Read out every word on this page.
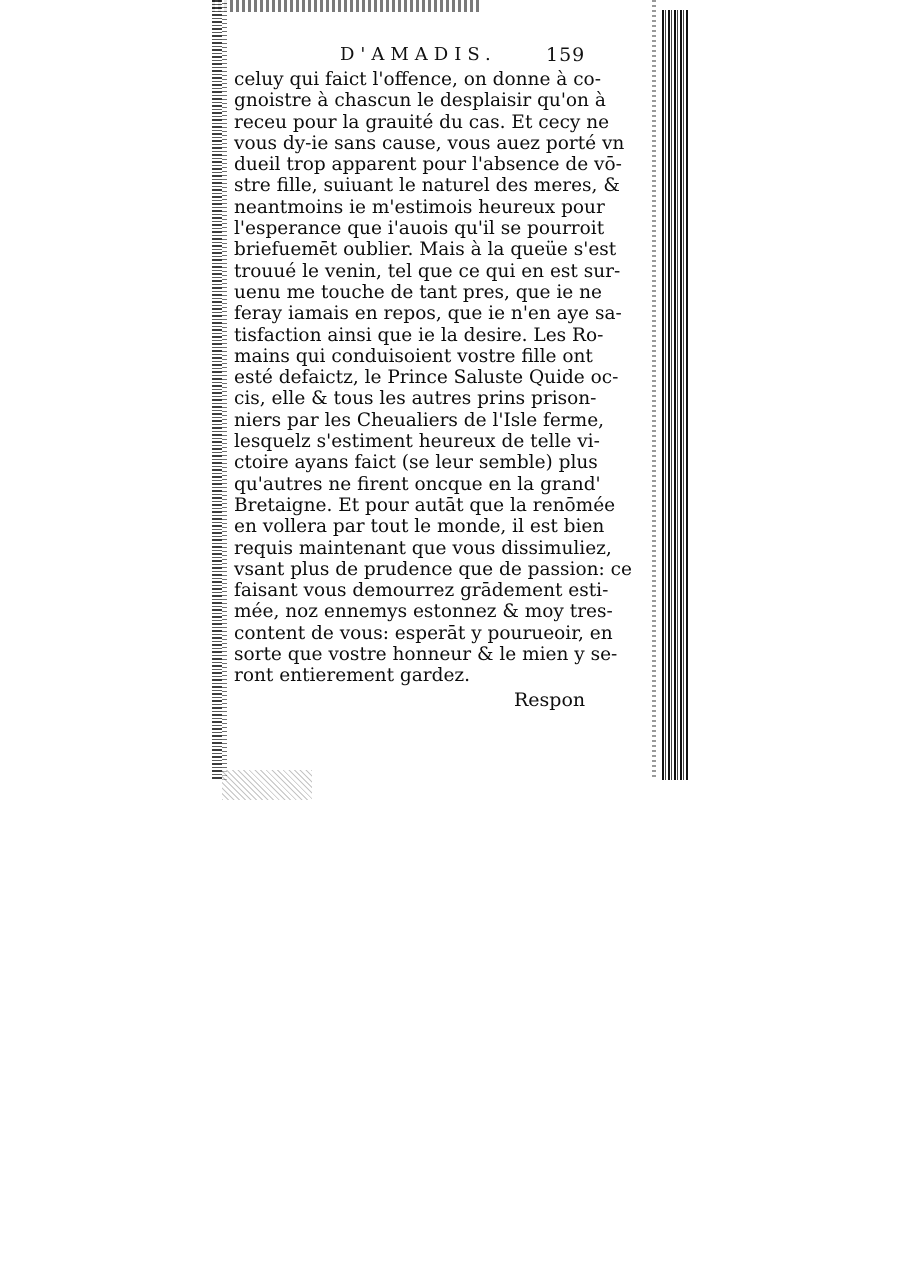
D'AMADIS.	159
celuy qui faict l'offence, on donne à co-
gnoistre à chascun le desplaisir qu'on à
receu pour la grauité du cas. Et cecy ne
vous dy-ie sans cause, vous auez porté vn
dueil trop apparent pour l'absence de vō-
stre fille, suiuant le naturel des meres, &
neantmoins ie m'estimois heureux pour
l'esperance que i'auois qu'il se pourroit
briefuemēt oublier. Mais à la queüe s'est
trouué le venin, tel que ce qui en est sur-
uenu me touche de tant pres, que ie ne
feray iamais en repos, que ie n'en aye sa-
tisfaction ainsi que ie la desire. Les Ro-
mains qui conduisoient vostre fille ont
esté defaictz, le Prince Saluste Quide oc-
cis, elle & tous les autres prins prison-
niers par les Cheualiers de l'Isle ferme,
lesquelz s'estiment heureux de telle vi-
ctoire ayans faict (se leur semble) plus
qu'autres ne firent oncque en la grand'
Bretaigne. Et pour autāt que la renōmée
en vollera par tout le monde, il est bien
requis maintenant que vous dissimuliez,
vsant plus de prudence que de passion: ce
faisant vous demourrez grādement esti-
mée, noz ennemys estonnez & moy tres-
content de vous: esperāt y pourueoir, en
sorte que vostre honneur & le mien y se-
ront entierement gardez.
Respon
